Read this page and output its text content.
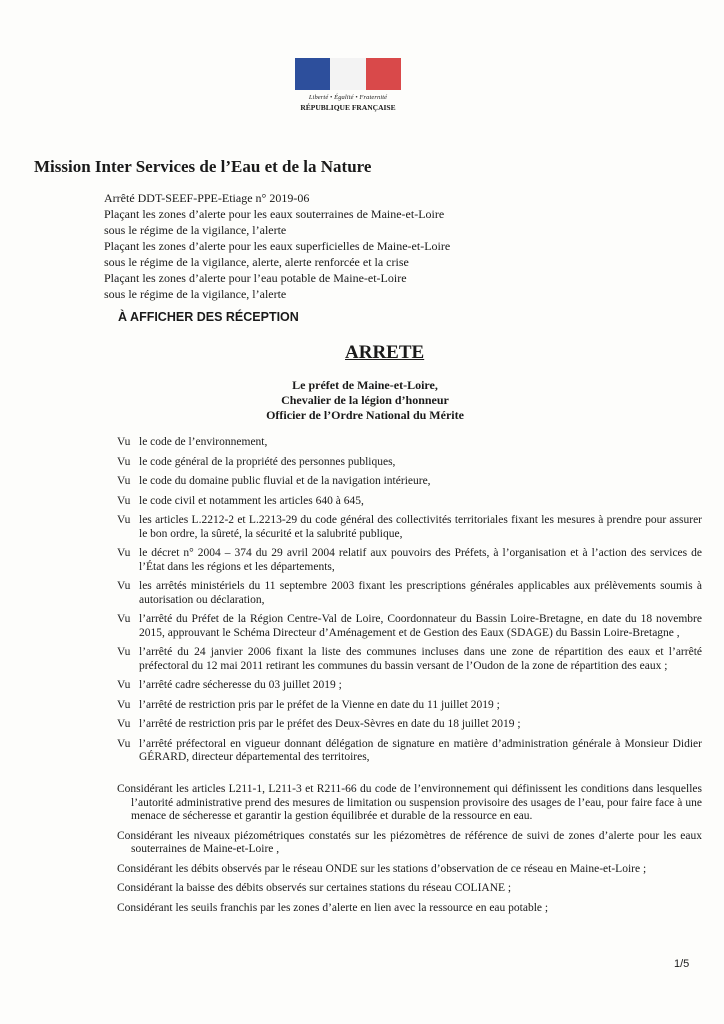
Liberté • Égalité • Fraternité
RÉPUBLIQUE FRANÇAISE
Mission Inter Services de l’Eau et de la Nature
Arrêté DDT-SEEF-PPE-Etiage n° 2019-06
Plaçant les zones d’alerte pour les eaux souterraines de Maine-et-Loire
sous le régime de la vigilance, l’alerte
Plaçant les zones d’alerte pour les eaux superficielles de Maine-et-Loire
sous le régime de la vigilance, alerte, alerte renforcée et la crise
Plaçant les zones d’alerte pour l’eau potable de Maine-et-Loire
sous le régime de la vigilance, l’alerte
À AFFICHER DES RÉCEPTION
ARRETE
Le préfet de Maine-et-Loire,
Chevalier de la légion d’honneur
Officier de l’Ordre National du Mérite
Vu le code de l’environnement,
Vu le code général de la propriété des personnes publiques,
Vu le code du domaine public fluvial et de la navigation intérieure,
Vu le code civil et notamment les articles 640 à 645,
Vu les articles L.2212-2 et L.2213-29 du code général des collectivités territoriales fixant les mesures à prendre pour assurer le bon ordre, la sûreté, la sécurité et la salubrité publique,
Vu le décret n° 2004 – 374 du 29 avril 2004 relatif aux pouvoirs des Préfets, à l’organisation et à l’action des services de l’État dans les régions et les départements,
Vu les arrêtés ministériels du 11 septembre 2003 fixant les prescriptions générales applicables aux prélèvements soumis à autorisation ou déclaration,
Vu l’arrêté du Préfet de la Région Centre-Val de Loire, Coordonnateur du Bassin Loire-Bretagne, en date du 18 novembre 2015, approuvant le Schéma Directeur d’Aménagement et de Gestion des Eaux (SDAGE) du Bassin Loire-Bretagne ,
Vu l’arrêté du 24 janvier 2006 fixant la liste des communes incluses dans une zone de répartition des eaux et l’arrêté préfectoral du 12 mai 2011 retirant les communes du bassin versant de l’Oudon de la zone de répartition des eaux ;
Vu l’arrêté cadre sécheresse du 03 juillet 2019 ;
Vu l’arrêté de restriction pris par le préfet de la Vienne en date du 11 juillet 2019 ;
Vu l’arrêté de restriction pris par le préfet des Deux-Sèvres en date du 18 juillet 2019 ;
Vu l’arrêté préfectoral en vigueur donnant délégation de signature en matière d’administration générale à Monsieur Didier GÉRARD, directeur départemental des territoires,
Considérant les articles L211-1, L211-3 et R211-66 du code de l’environnement qui définissent les conditions dans lesquelles l’autorité administrative prend des mesures de limitation ou suspension provisoire des usages de l’eau, pour faire face à une menace de sécheresse et garantir la gestion équilibrée et durable de la ressource en eau.
Considérant les niveaux piézométriques constatés sur les piézomètres de référence de suivi de zones d’alerte pour les eaux souterraines de Maine-et-Loire ,
Considérant les débits observés par le réseau ONDE sur les stations d’observation de ce réseau en Maine-et-Loire ;
Considérant la baisse des débits observés sur certaines stations du réseau COLIANE ;
Considérant les seuils franchis par les zones d’alerte en lien avec la ressource en eau potable ;
1/5
